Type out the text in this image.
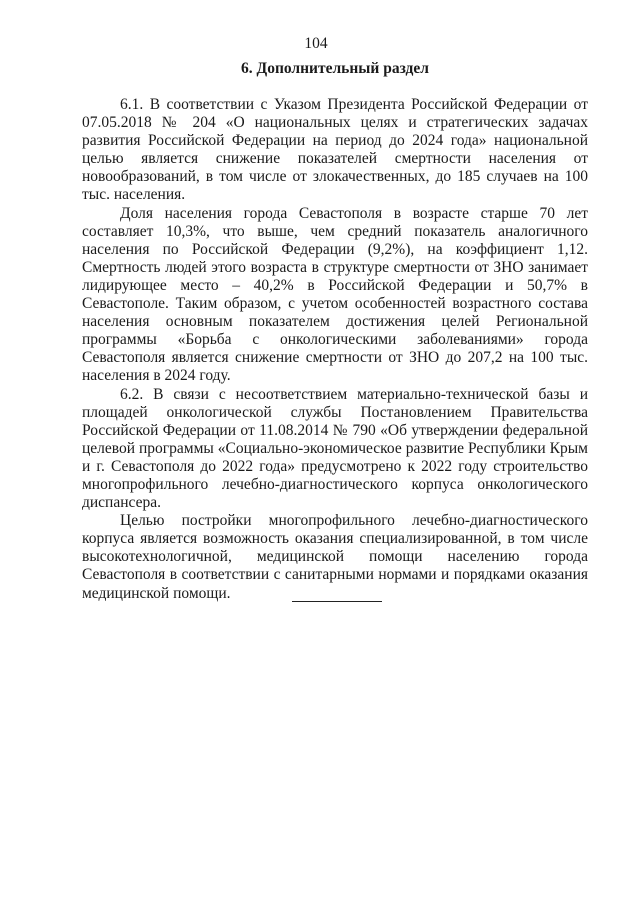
104
6. Дополнительный раздел

6.1. В соответствии с Указом Президента Российской Федерации от 07.05.2018 № 204 «О национальных целях и стратегических задачах развития Российской Федерации на период до 2024 года» национальной целью является снижение показателей смертности населения от новообразований, в том числе от злокачественных, до 185 случаев на 100 тыс. населения.

Доля населения города Севастополя в возрасте старше 70 лет составляет 10,3%, что выше, чем средний показатель аналогичного населения по Российской Федерации (9,2%), на коэффициент 1,12. Смертность людей этого возраста в структуре смертности от ЗНО занимает лидирующее место – 40,2% в Российской Федерации и 50,7% в Севастополе. Таким образом, с учетом особенностей возрастного состава населения основным показателем достижения целей Региональной программы «Борьба с онкологическими заболеваниями» города Севастополя является снижение смертности от ЗНО до 207,2 на 100 тыс. населения в 2024 году.

6.2. В связи с несоответствием материально-технической базы и площадей онкологической службы Постановлением Правительства Российской Федерации от 11.08.2014 № 790 «Об утверждении федеральной целевой программы «Социально-экономическое развитие Республики Крым и г. Севастополя до 2022 года» предусмотрено к 2022 году строительство многопрофильного лечебно-диагностического корпуса онкологического диспансера.

Целью постройки многопрофильного лечебно-диагностического корпуса является возможность оказания специализированной, в том числе высокотехнологичной, медицинской помощи населению города Севастополя в соответствии с санитарными нормами и порядками оказания медицинской помощи.
